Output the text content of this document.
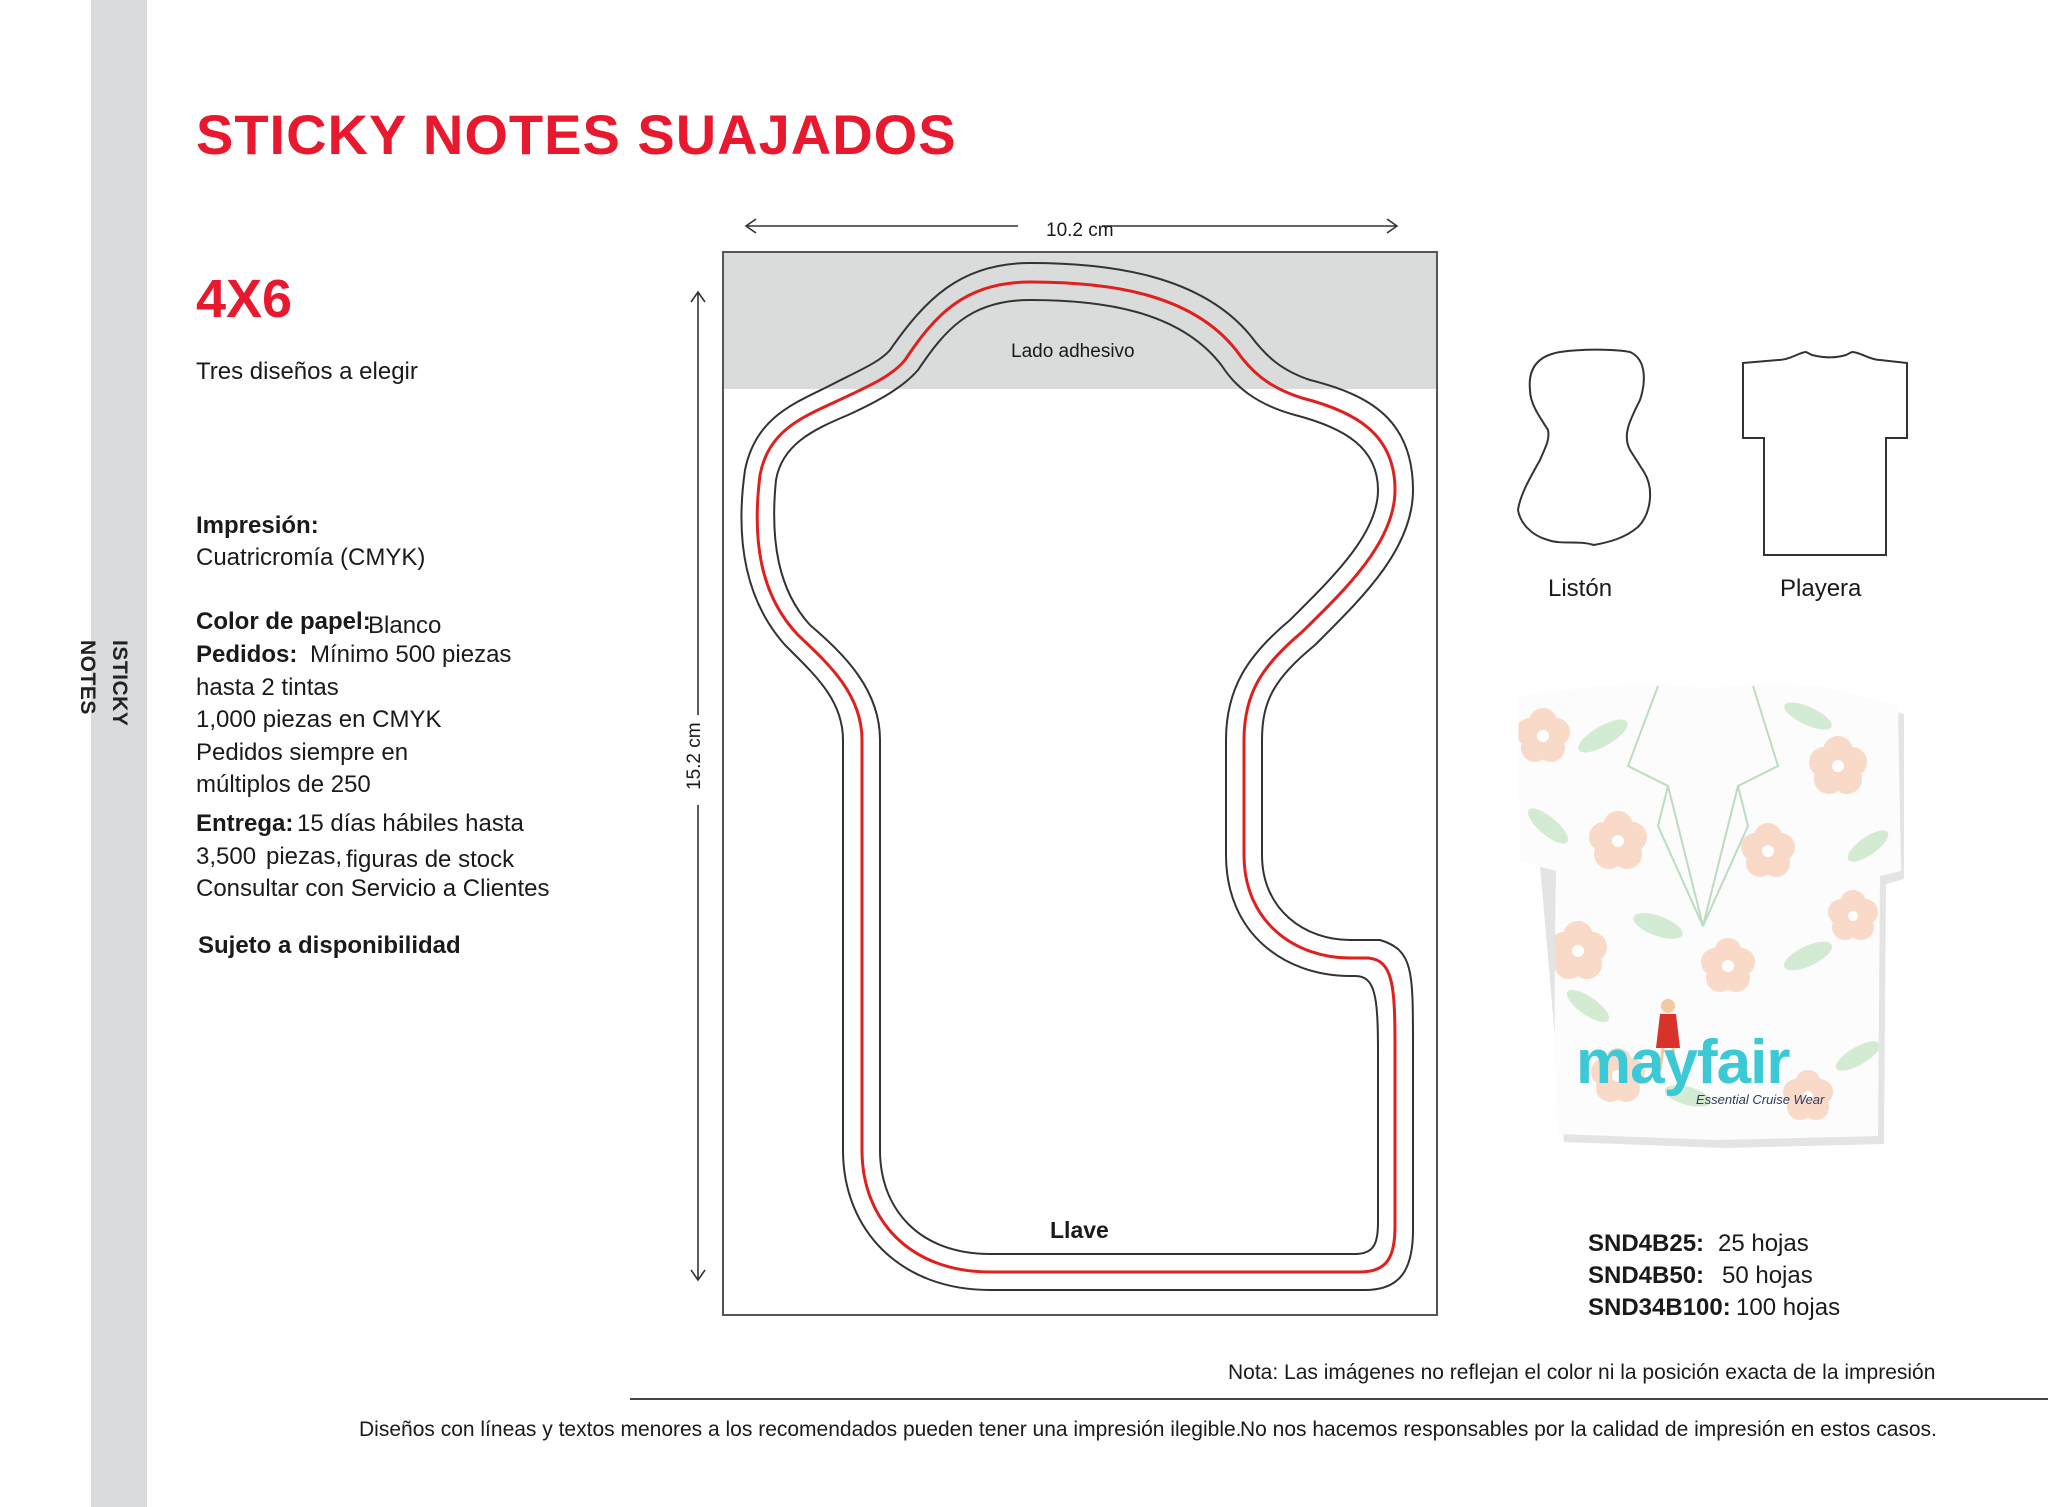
ISTICKY NOTES
STICKY NOTES SUAJADOS
4X6
Tres diseños a elegir
Impresión:
Cuatricromía (CMYK)
Color de papel:
Blanco
Pedidos: Mínimo 500 piezas
hasta 2 tintas
1,000 piezas en CMYK
Pedidos siempre en
múltiplos de 250
Entrega: 15 días hábiles hasta
3,500 piezas, figuras de stock
Consultar con Servicio a Clientes
Sujeto a disponibilidad
10.2 cm
15.2 cm
Lado adhesivo
Llave
Listón	Playera
may fair
Essential Cruise Wear
SND4B25: 25 hojas
SND4B50: 50 hojas
SND34B100: 100 hojas
Nota: Las imágenes no reflejan el color ni la posición exacta de la impresión
Diseños con líneas y textos menores a los recomendados pueden tener una impresión ilegible.
No nos hacemos responsables por la calidad de impresión en estos casos.
